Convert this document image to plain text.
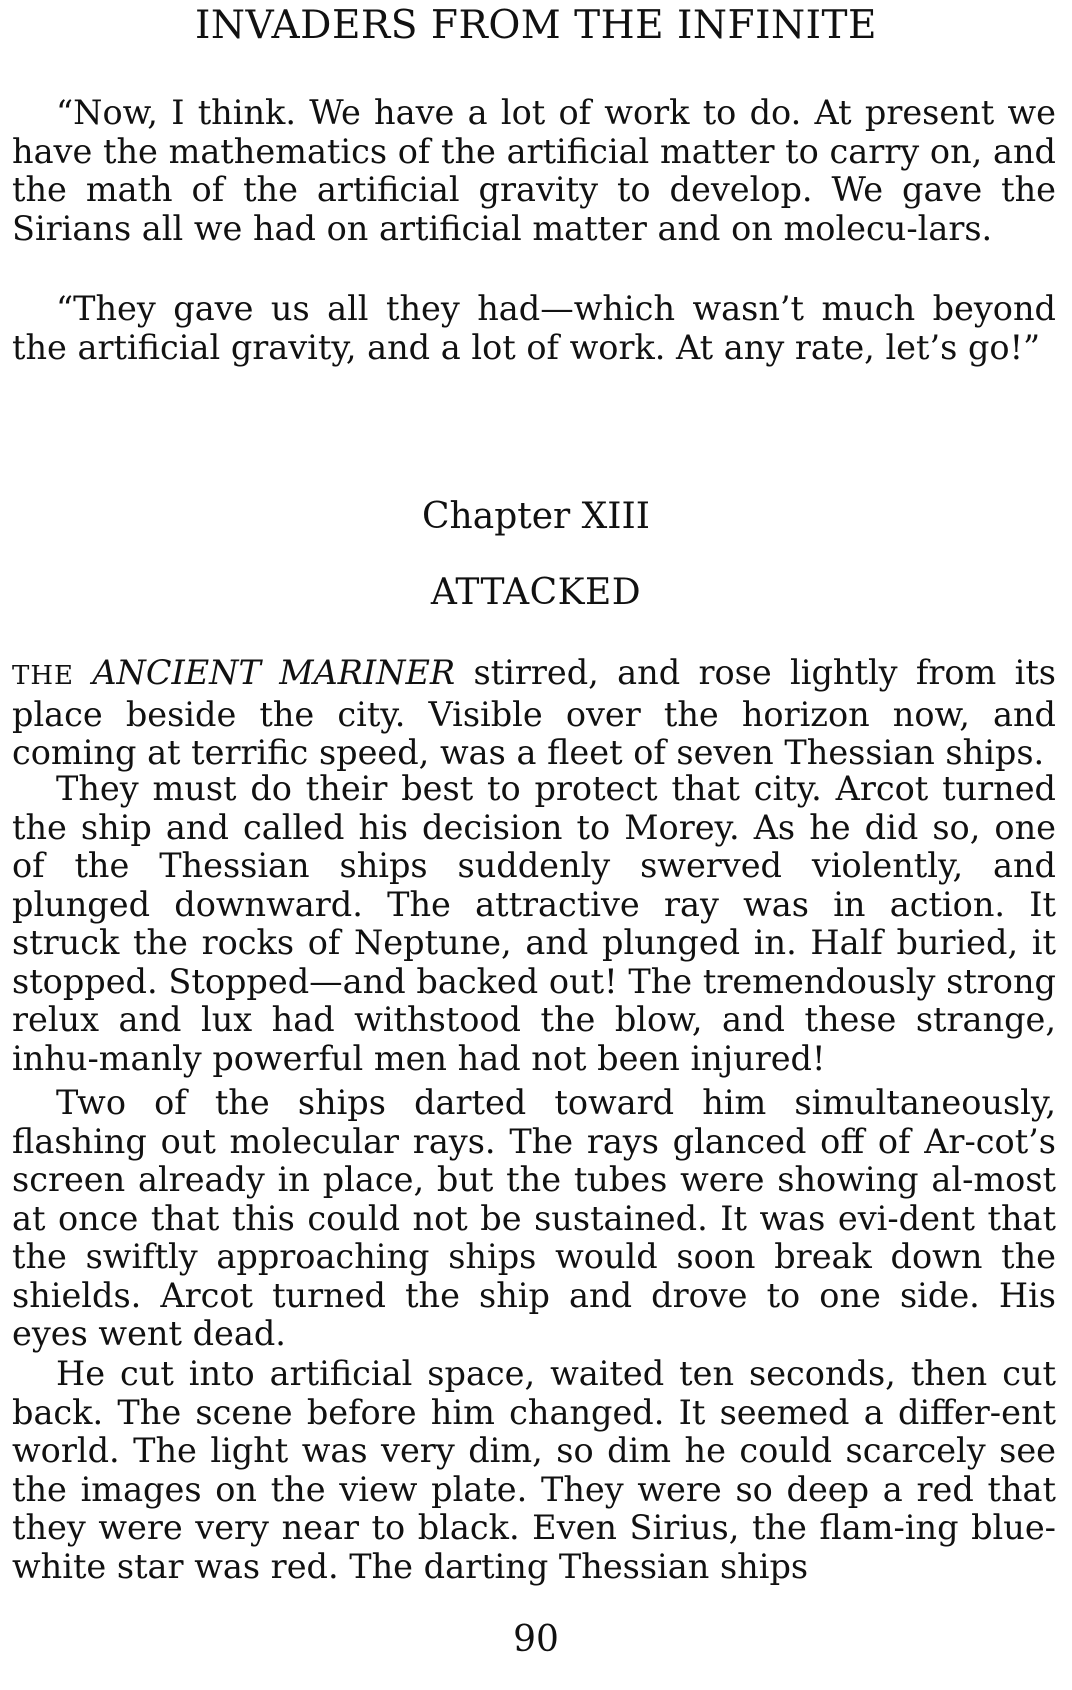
INVADERS FROM THE INFINITE

“Now, I think. We have a lot of work to do. At present we have the mathematics of the artificial matter to carry on, and the math of the artificial gravity to develop. We gave the Sirians all we had on artificial matter and on molecu-lars.

“They gave us all they had—which wasn’t much beyond the artificial gravity, and a lot of work. At any rate, let’s go!”

Chapter XIII
ATTACKED

THE ANCIENT MARINER stirred, and rose lightly from its place beside the city. Visible over the horizon now, and coming at terrific speed, was a fleet of seven Thessian ships.

They must do their best to protect that city. Arcot turned the ship and called his decision to Morey. As he did so, one of the Thessian ships suddenly swerved violently, and plunged downward. The attractive ray was in action. It struck the rocks of Neptune, and plunged in. Half buried, it stopped. Stopped—and backed out! The tremendously strong relux and lux had withstood the blow, and these strange, inhu-manly powerful men had not been injured!

Two of the ships darted toward him simultaneously, flashing out molecular rays. The rays glanced off of Ar-cot’s screen already in place, but the tubes were showing al-most at once that this could not be sustained. It was evi-dent that the swiftly approaching ships would soon break down the shields. Arcot turned the ship and drove to one side. His eyes went dead.

He cut into artificial space, waited ten seconds, then cut back. The scene before him changed. It seemed a differ-ent world. The light was very dim, so dim he could scarcely see the images on the view plate. They were so deep a red that they were very near to black. Even Sirius, the flam-ing blue-white star was red. The darting Thessian ships

90
